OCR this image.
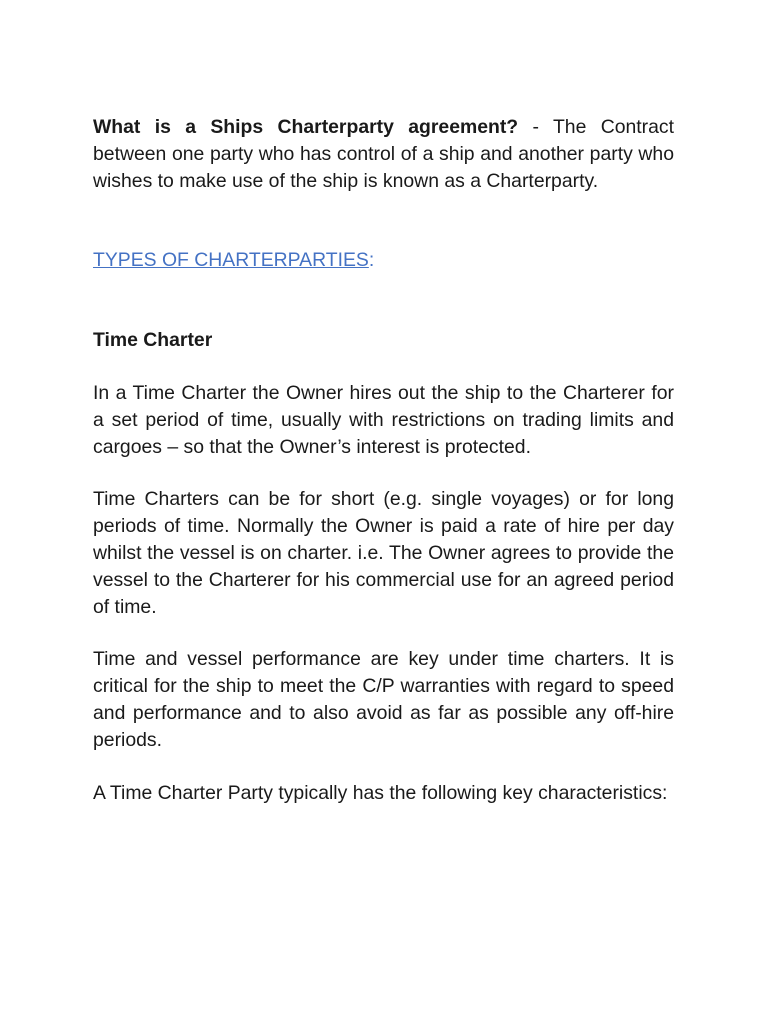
What is a Ships Charterparty agreement? - The Contract between one party who has control of a ship and another party who wishes to make use of the ship is known as a Charterparty.

TYPES OF CHARTERPARTIES:

Time Charter

In a Time Charter the Owner hires out the ship to the Charterer for a set period of time, usually with restrictions on trading limits and cargoes – so that the Owner’s interest is protected.

Time Charters can be for short (e.g. single voyages) or for long periods of time. Normally the Owner is paid a rate of hire per day whilst the vessel is on charter. i.e. The Owner agrees to provide the vessel to the Charterer for his commercial use for an agreed period of time.

Time and vessel performance are key under time charters. It is critical for the ship to meet the C/P warranties with regard to speed and performance and to also avoid as far as possible any off-hire periods.

A Time Charter Party typically has the following key characteristics:
